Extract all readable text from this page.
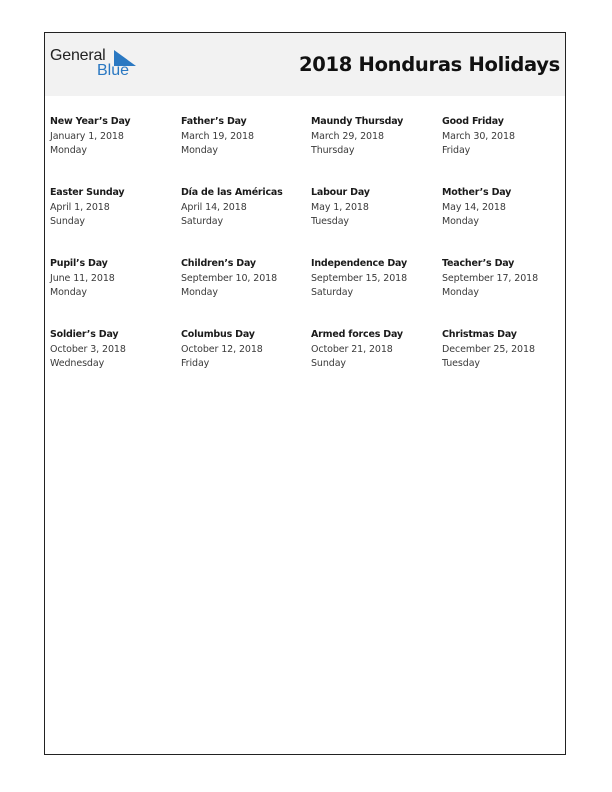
General
Blue	2018 Honduras Holidays
New Year’s Day
January 1, 2018
Monday
Father’s Day
March 19, 2018
Monday
Maundy Thursday
March 29, 2018
Thursday
Good Friday
March 30, 2018
Friday
Easter Sunday
April 1, 2018
Sunday
Día de las Américas
April 14, 2018
Saturday
Labour Day
May 1, 2018
Tuesday
Mother’s Day
May 14, 2018
Monday
Pupil’s Day
June 11, 2018
Monday
Children’s Day
September 10, 2018
Monday
Independence Day
September 15, 2018
Saturday
Teacher’s Day
September 17, 2018
Monday
Soldier’s Day
October 3, 2018
Wednesday
Columbus Day
October 12, 2018
Friday
Armed forces Day
October 21, 2018
Sunday
Christmas Day
December 25, 2018
Tuesday
